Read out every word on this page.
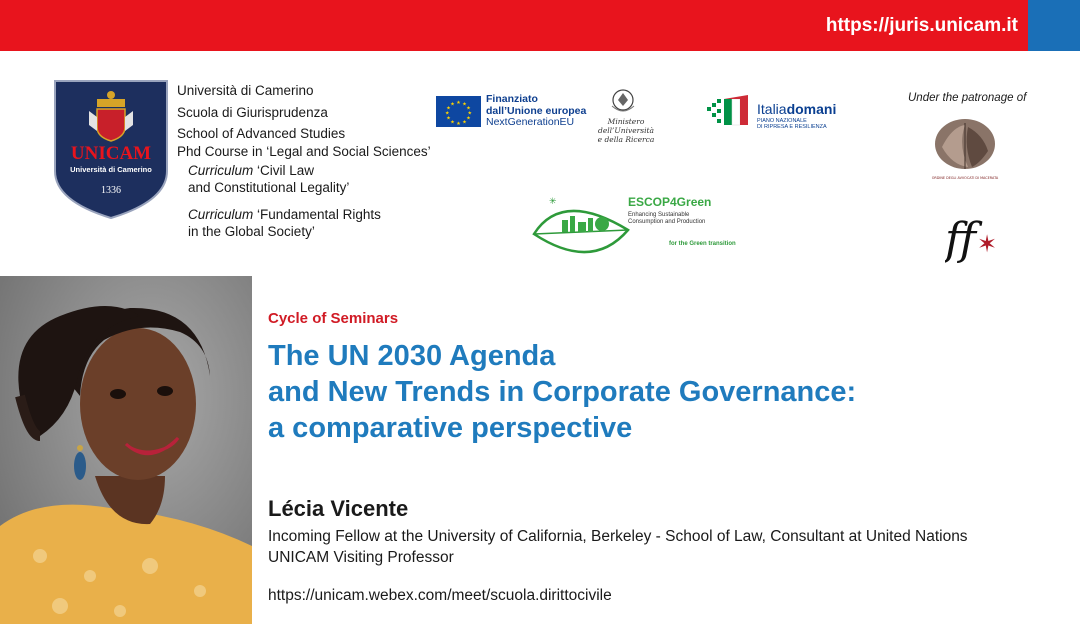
https://juris.unicam.it
UNICAM
Università di Camerino
1336
Università di Camerino
Scuola di Giurisprudenza
School of Advanced Studies
Phd Course in ‘Legal and Social Sciences’
Curriculum ‘Civil Law
and Constitutional Legality’
Curriculum ‘Fundamental Rights
in the Global Society’
★ ★
★
★
★
★
★
★
★
★
★
★	Finanziato
dall’Unione europea
NextGenerationEU	Ministero dell’Università
e della Ricerca
Italiadomani
PIANO NAZIONALE
DI RIPRESA E RESILIENZA
Under the patronage of
ORDINE DEGLI AVVOCATI DI MACERATA
ff ✶
✳	ESCOP4Green
Enhancing Sustainable
Consumption and Production
for the Green transition
Cycle of Seminars
The UN 2030 Agenda
and New Trends in Corporate Governance:
a comparative perspective
Lécia Vicente
Incoming Fellow at the University of California, Berkeley - School of Law, Consultant at United Nations
UNICAM Visiting Professor
https://unicam.webex.com/meet/scuola.dirittocivile
